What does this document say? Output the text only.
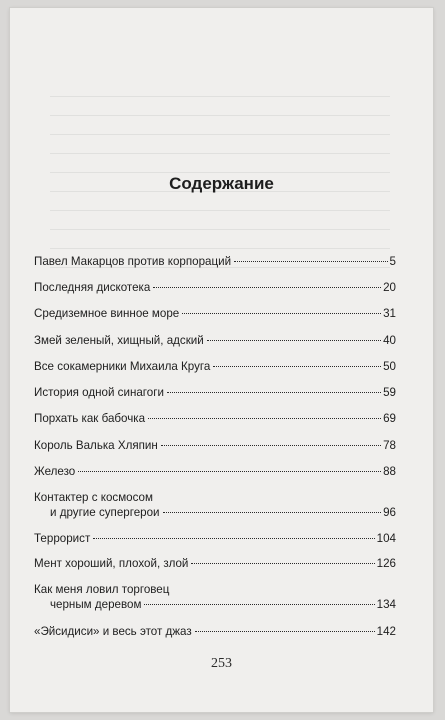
Содержание
Павел Макарцов против корпораций	5
Последняя дискотека	20
Средиземное винное море	31
Змей зеленый, хищный, адский	40
Все сокамерники Михаила Круга	50
История одной синагоги	59
Порхать как бабочка	69
Король Валька Хляпин	78
Железо	88
Контактер с космосом
и другие супергерои	96
Террорист	104
Мент хороший, плохой, злой	126
Как меня ловил торговец
черным деревом	134
«Эйсидиси» и весь этот джаз	142
253
